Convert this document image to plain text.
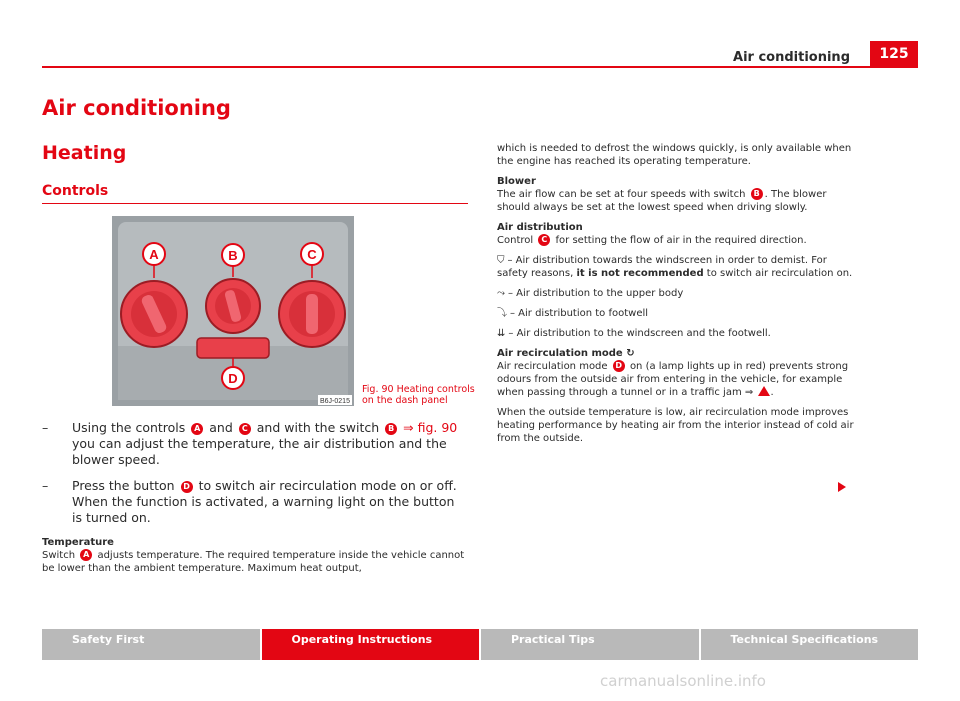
Air conditioning	125
Air conditioning
Heating
Controls
A	B	C
D
B6J-0215
Fig. 90 Heating controls
on the dash panel
– Using the controls A and C and with the switch B ⇒ fig. 90 you can adjust the temperature, the air distribution and the blower speed.
– Press the button D to switch air recirculation mode on or off. When the function is activated, a warning light on the button is turned on.
Temperature

Switch A adjusts temperature. The required temperature inside the vehicle cannot be lower than the ambient temperature. Maximum heat output,

which is needed to defrost the windows quickly, is only available when the engine has reached its operating temperature.

Blower

The air flow can be set at four speeds with switch B . The blower should always be set at the lowest speed when driving slowly.

Air distribution

Control C for setting the flow of air in the required direction.

⛉ – Air distribution towards the windscreen in order to demist. For safety reasons, it is not recommended to switch air recirculation on.

⤳ – Air distribution to the upper body

⤵ – Air distribution to footwell

⇊ – Air distribution to the windscreen and the footwell.

Air recirculation mode ↻

Air recirculation mode D on (a lamp lights up in red) prevents strong odours from the outside air from entering in the vehicle, for example when passing through a tunnel or in a traffic jam ⇒ .

When the outside temperature is low, air recirculation mode improves heating performance by heating air from the interior instead of cold air from the outside.

Safety First	Operating Instructions	Practical Tips	Technical Specifications
carmanualsonline.info
